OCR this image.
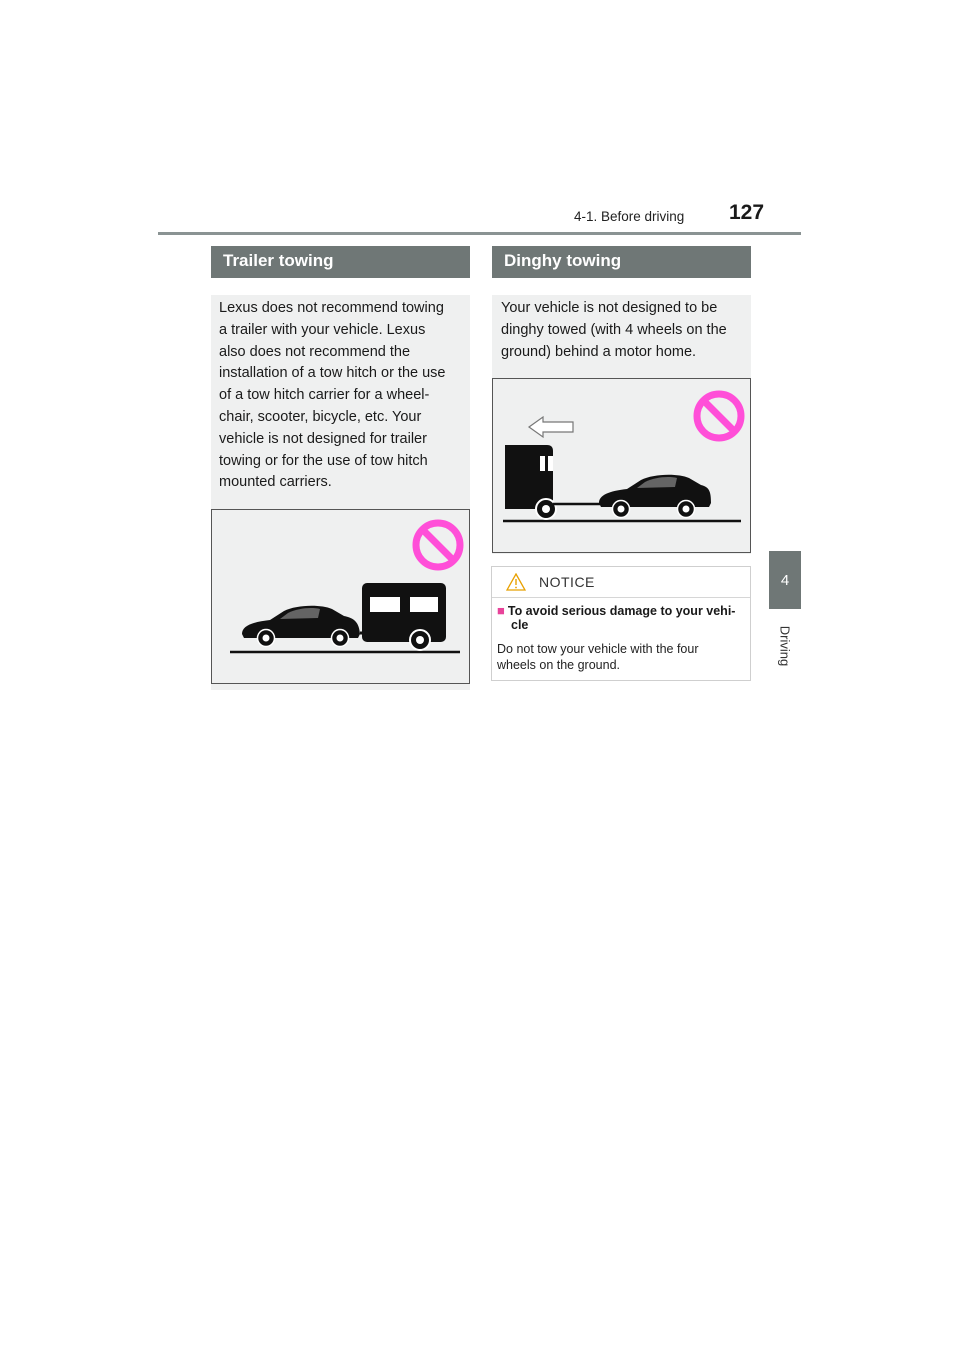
4-1. Before driving 127
4
Driving
Trailer towing

Lexus does not recommend towing
a trailer with your vehicle. Lexus
also does not recommend the
installation of a tow hitch or the use
of a tow hitch carrier for a wheel-
chair, scooter, bicycle, etc. Your
vehicle is not designed for trailer
towing or for the use of tow hitch
mounted carriers.

Dinghy towing

Your vehicle is not designed to be
dinghy towed (with 4 wheels on the
ground) behind a motor home.

NOTICE
■ To avoid serious damage to your vehi-
cle

Do not tow your vehicle with the four
wheels on the ground.
